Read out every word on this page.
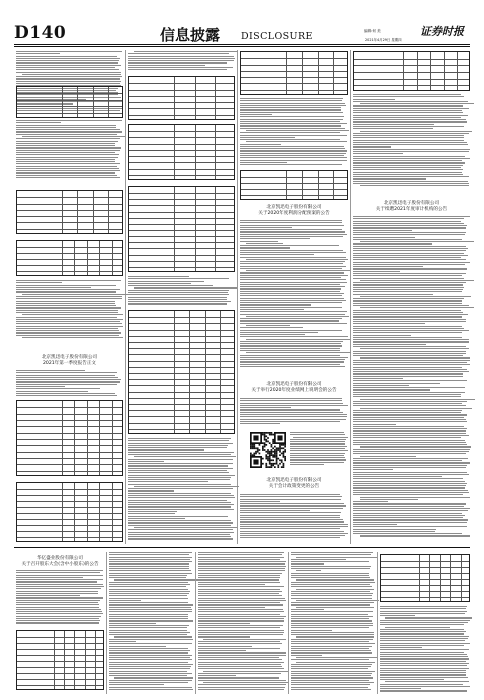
D140	信息披露 DISCLOSURE	编辑:何 美
2021年4月29日 星期四
证券时报
北京凯迅电子股份有限公司
2021年第一季度报告正文
北京凯迅电子股份有限公司
关于2020年度利润分配预案的公告
北京凯迅电子股份有限公司
关于举行2020年度业绩网上说明会的公告
北京凯迅电子股份有限公司
关于会计政策变更的公告
北京凯迅电子股份有限公司
关于续聘2021年度审计机构的公告
华亿盛业股份有限公司
关于召开股东大会(含中小股东)的公告
